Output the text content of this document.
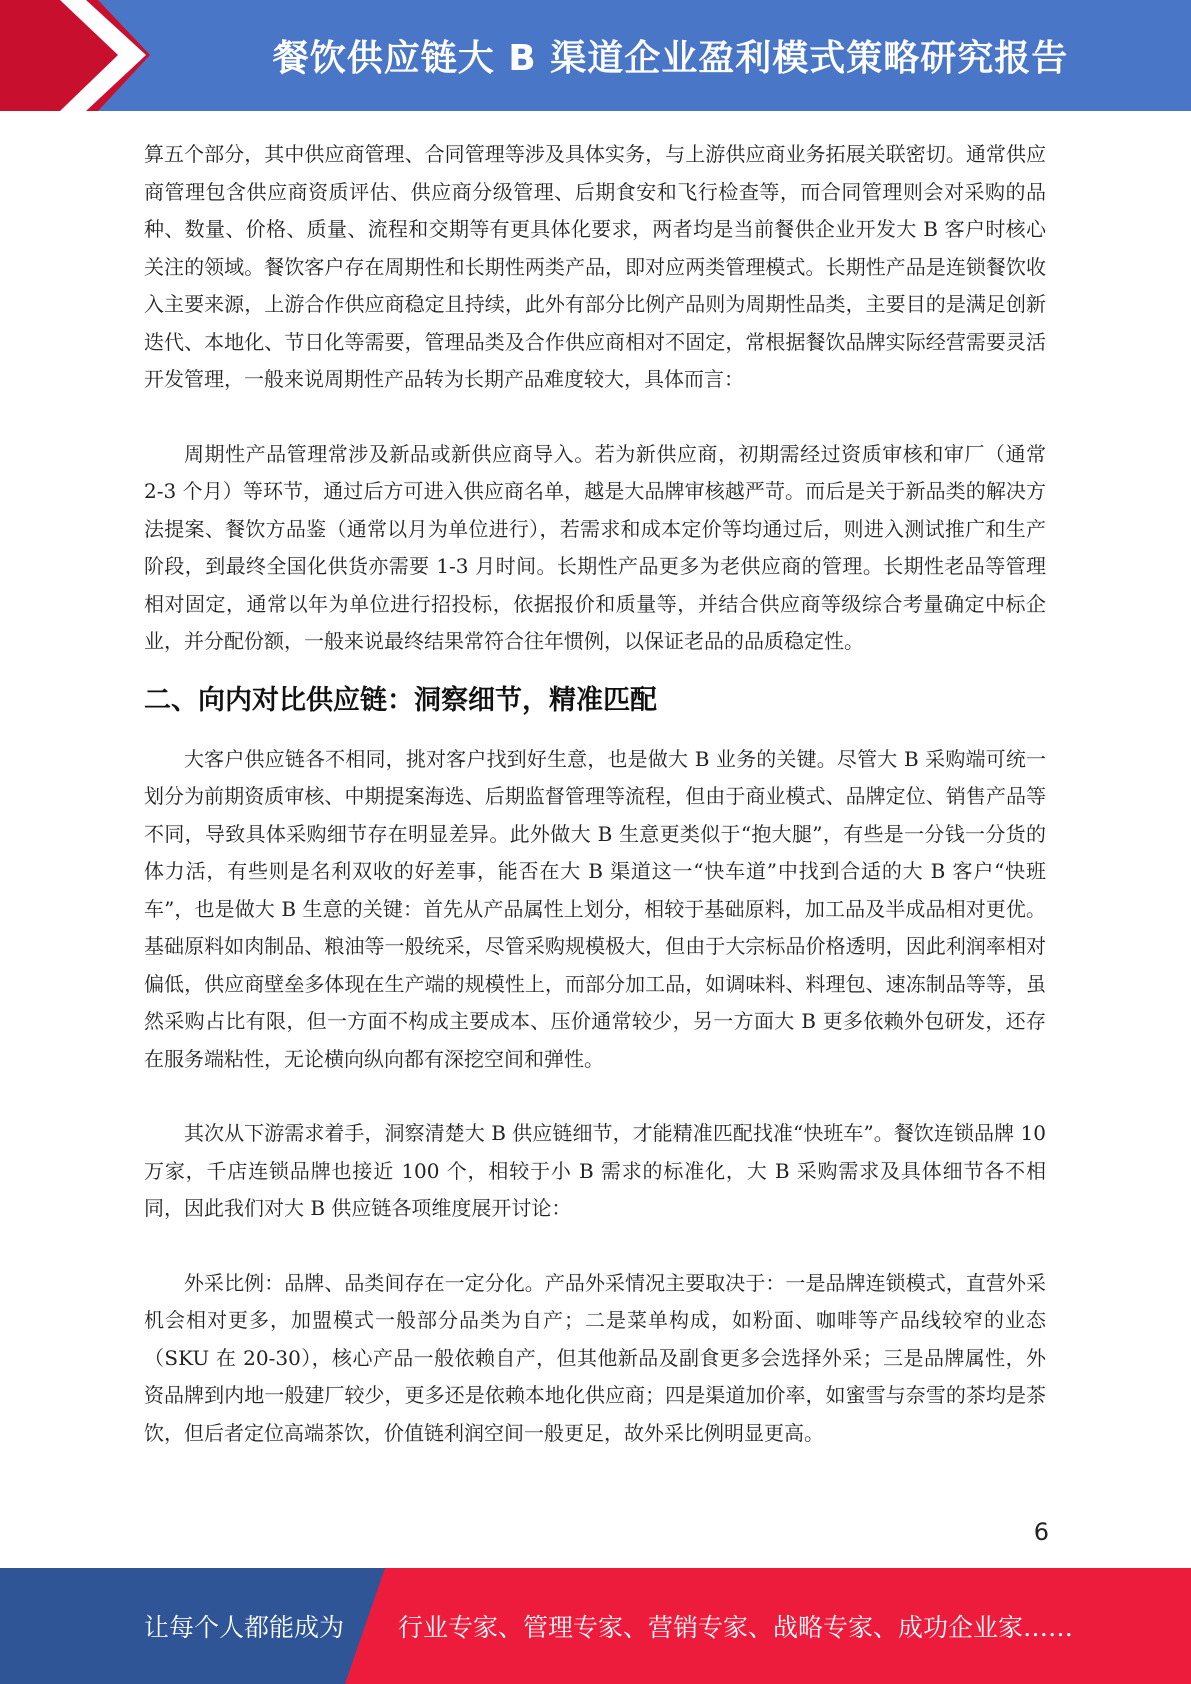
餐饮供应链大 B 渠道企业盈利模式策略研究报告

算五个部分，其中供应商管理、合同管理等涉及具体实务，与上游供应商业务拓展关联密切。通常供应商管理包含供应商资质评估、供应商分级管理、后期食安和飞行检查等，而合同管理则会对采购的品种、数量、价格、质量、流程和交期等有更具体化要求，两者均是当前餐供企业开发大 B 客户时核心关注的领域。餐饮客户存在周期性和长期性两类产品，即对应两类管理模式。长期性产品是连锁餐饮收入主要来源，上游合作供应商稳定且持续，此外有部分比例产品则为周期性品类，主要目的是满足创新迭代、本地化、节日化等需要，管理品类及合作供应商相对不固定，常根据餐饮品牌实际经营需要灵活开发管理，一般来说周期性产品转为长期产品难度较大，具体而言：

周期性产品管理常涉及新品或新供应商导入。若为新供应商，初期需经过资质审核和审厂（通常 2-3 个月）等环节，通过后方可进入供应商名单，越是大品牌审核越严苛。而后是关于新品类的解决方法提案、餐饮方品鉴（通常以月为单位进行），若需求和成本定价等均通过后，则进入测试推广和生产阶段，到最终全国化供货亦需要 1-3 月时间。长期性产品更多为老供应商的管理。长期性老品等管理相对固定，通常以年为单位进行招投标，依据报价和质量等，并结合供应商等级综合考量确定中标企业，并分配份额，一般来说最终结果常符合往年惯例，以保证老品的品质稳定性。

二、向内对比供应链：洞察细节，精准匹配

大客户供应链各不相同，挑对客户找到好生意，也是做大 B 业务的关键。尽管大 B 采购端可统一划分为前期资质审核、中期提案海选、后期监督管理等流程，但由于商业模式、品牌定位、销售产品等不同，导致具体采购细节存在明显差异。此外做大 B 生意更类似于“抱大腿”，有些是一分钱一分货的体力活，有些则是名利双收的好差事，能否在大 B 渠道这一“快车道”中找到合适的大 B 客户“快班车”，也是做大 B 生意的关键：首先从产品属性上划分，相较于基础原料，加工品及半成品相对更优。基础原料如肉制品、粮油等一般统采，尽管采购规模极大，但由于大宗标品价格透明，因此利润率相对偏低，供应商壁垒多体现在生产端的规模性上，而部分加工品，如调味料、料理包、速冻制品等等，虽然采购占比有限，但一方面不构成主要成本、压价通常较少，另一方面大 B 更多依赖外包研发，还存在服务端粘性，无论横向纵向都有深挖空间和弹性。

其次从下游需求着手，洞察清楚大 B 供应链细节，才能精准匹配找准“快班车”。餐饮连锁品牌 10 万家，千店连锁品牌也接近 100 个，相较于小 B 需求的标准化，大 B 采购需求及具体细节各不相同，因此我们对大 B 供应链各项维度展开讨论：

外采比例：品牌、品类间存在一定分化。产品外采情况主要取决于：一是品牌连锁模式，直营外采机会相对更多，加盟模式一般部分品类为自产；二是菜单构成，如粉面、咖啡等产品线较窄的业态（SKU 在 20-30），核心产品一般依赖自产，但其他新品及副食更多会选择外采；三是品牌属性，外资品牌到内地一般建厂较少，更多还是依赖本地化供应商；四是渠道加价率，如蜜雪与奈雪的茶均是茶饮，但后者定位高端茶饮，价值链利润空间一般更足，故外采比例明显更高。

6
让每个人都能成为 行业专家、管理专家、营销专家、战略专家、成功企业家……
